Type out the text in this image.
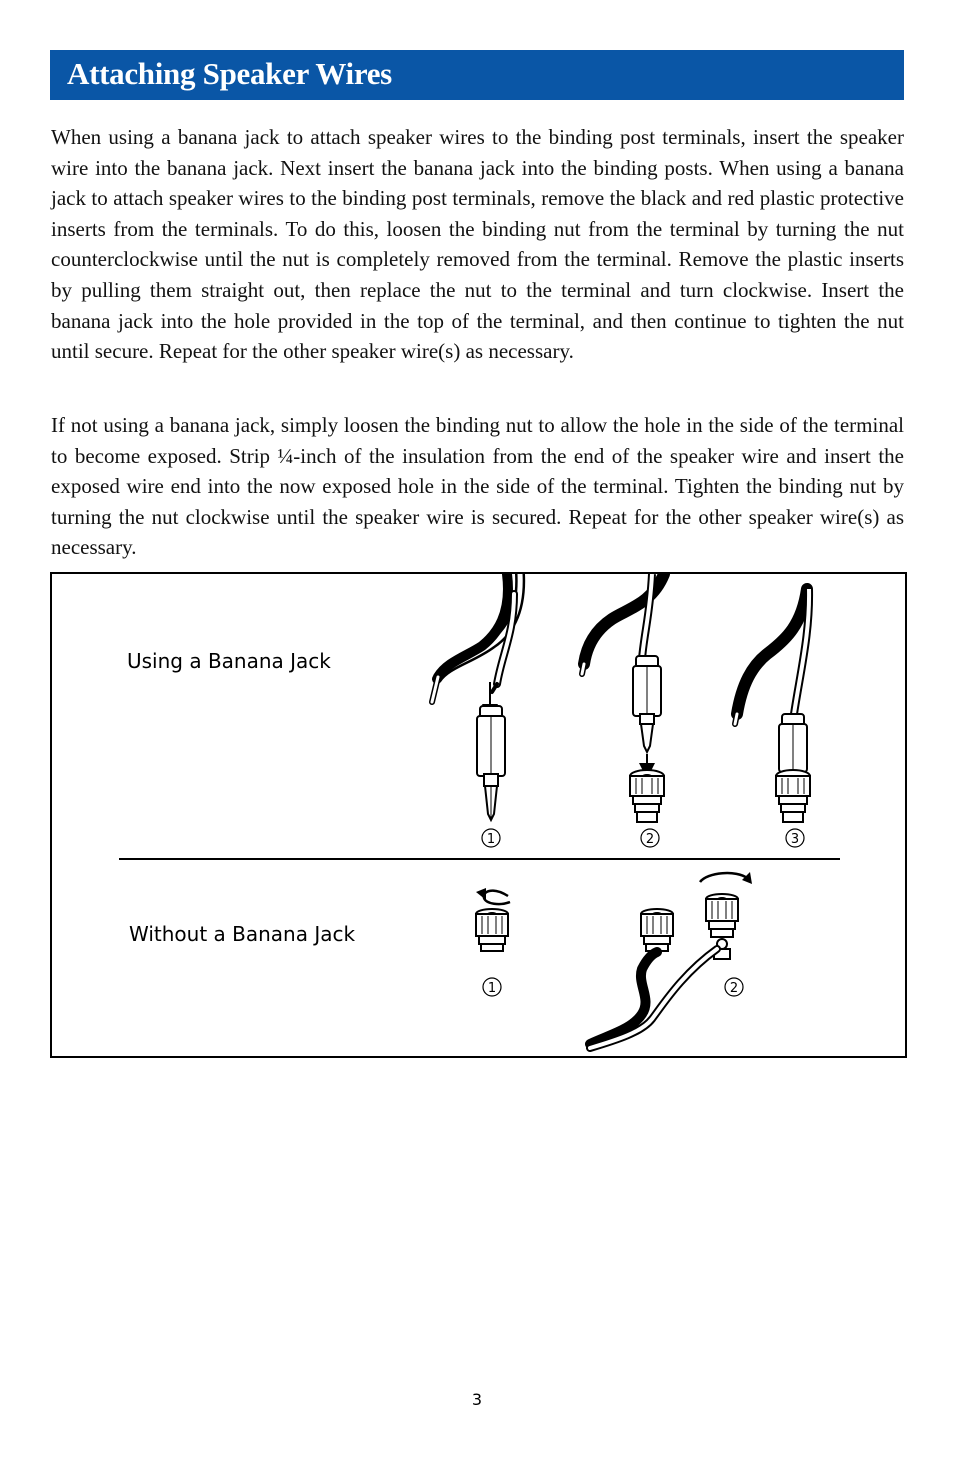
Attaching Speaker Wires

When using a banana jack to attach speaker wires to the binding post terminals, insert the speaker wire into the banana jack. Next insert the banana jack into the binding posts. When using a banana jack to attach speaker wires to the binding post terminals, remove the black and red plastic protective inserts from the terminals. To do this, loosen the binding nut from the terminal by turning the nut counterclockwise until the nut is completely removed from the terminal. Remove the plastic inserts by pulling them straight out, then replace the nut to the terminal and turn clockwise. Insert the banana jack into the hole provided in the top of the terminal, and then continue to tighten the nut until secure. Repeat for the other speaker wire(s) as necessary.

If not using a banana jack, simply loosen the binding nut to allow the hole in the side of the terminal to become exposed. Strip ¼-inch of the insulation from the end of the speaker wire and insert the exposed wire end into the now exposed hole in the side of the terminal. Tighten the binding nut by turning the nut clockwise until the speaker wire is secured. Repeat for the other speaker wire(s) as necessary.

Using a Banana Jack
Without a Banana Jack
1	2	3
1	2
3
